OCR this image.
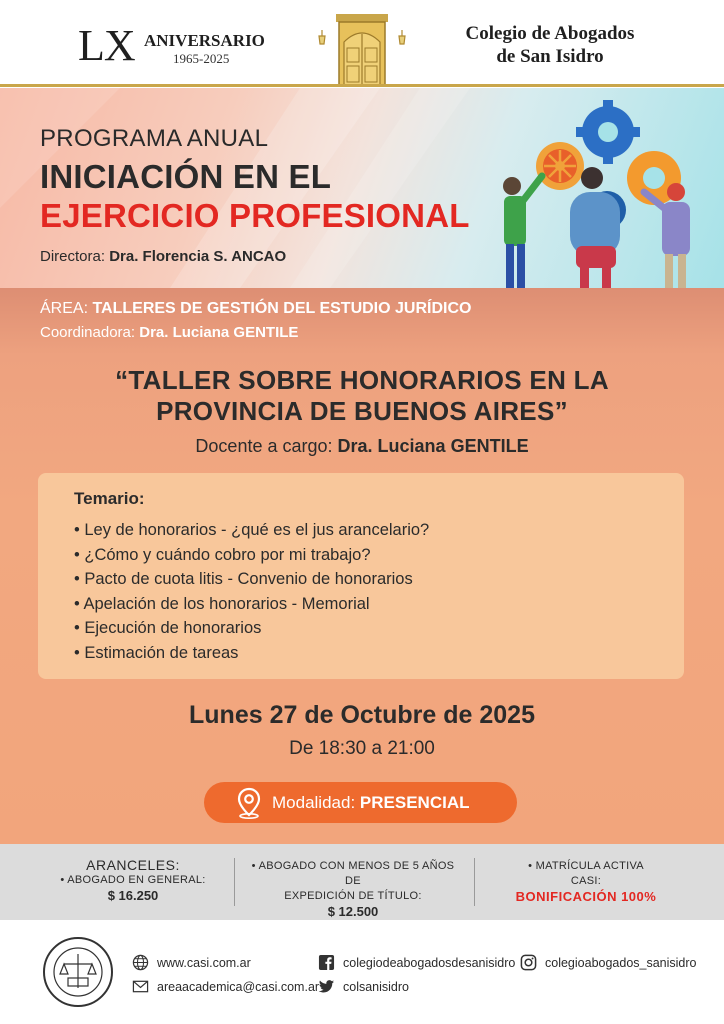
LX ANIVERSARIO
1965-2025
Colegio de Abogados
de San Isidro
PROGRAMA ANUAL
INICIACIÓN EN EL
EJERCICIO PROFESIONAL
Directora: Dra. Florencia S. ANCAO
ÁREA: TALLERES DE GESTIÓN DEL ESTUDIO JURÍDICO
Coordinadora: Dra. Luciana GENTILE
“TALLER SOBRE HONORARIOS EN LA
PROVINCIA DE BUENOS AIRES”
Docente a cargo: Dra. Luciana GENTILE
Temario:
• Ley de honorarios - ¿qué es el jus arancelario?
• ¿Cómo y cuándo cobro por mi trabajo?
• Pacto de cuota litis - Convenio de honorarios
• Apelación de los honorarios - Memorial
• Ejecución de honorarios
• Estimación de tareas
Lunes 27 de Octubre de 2025
De 18:30 a 21:00
Modalidad: PRESENCIAL
ARANCELES:
• ABOGADO EN GENERAL:
$ 16.250
• ABOGADO CON MENOS DE 5 AÑOS DE
EXPEDICIÓN DE TÍTULO:
$ 12.500
• MATRÍCULA ACTIVA
CASI:
BONIFICACIÓN 100%
www.casi.com.ar
areaacademica@casi.com.ar
colegiodeabogadosdesanisidro
colsanisidro
colegioabogados_sanisidro
